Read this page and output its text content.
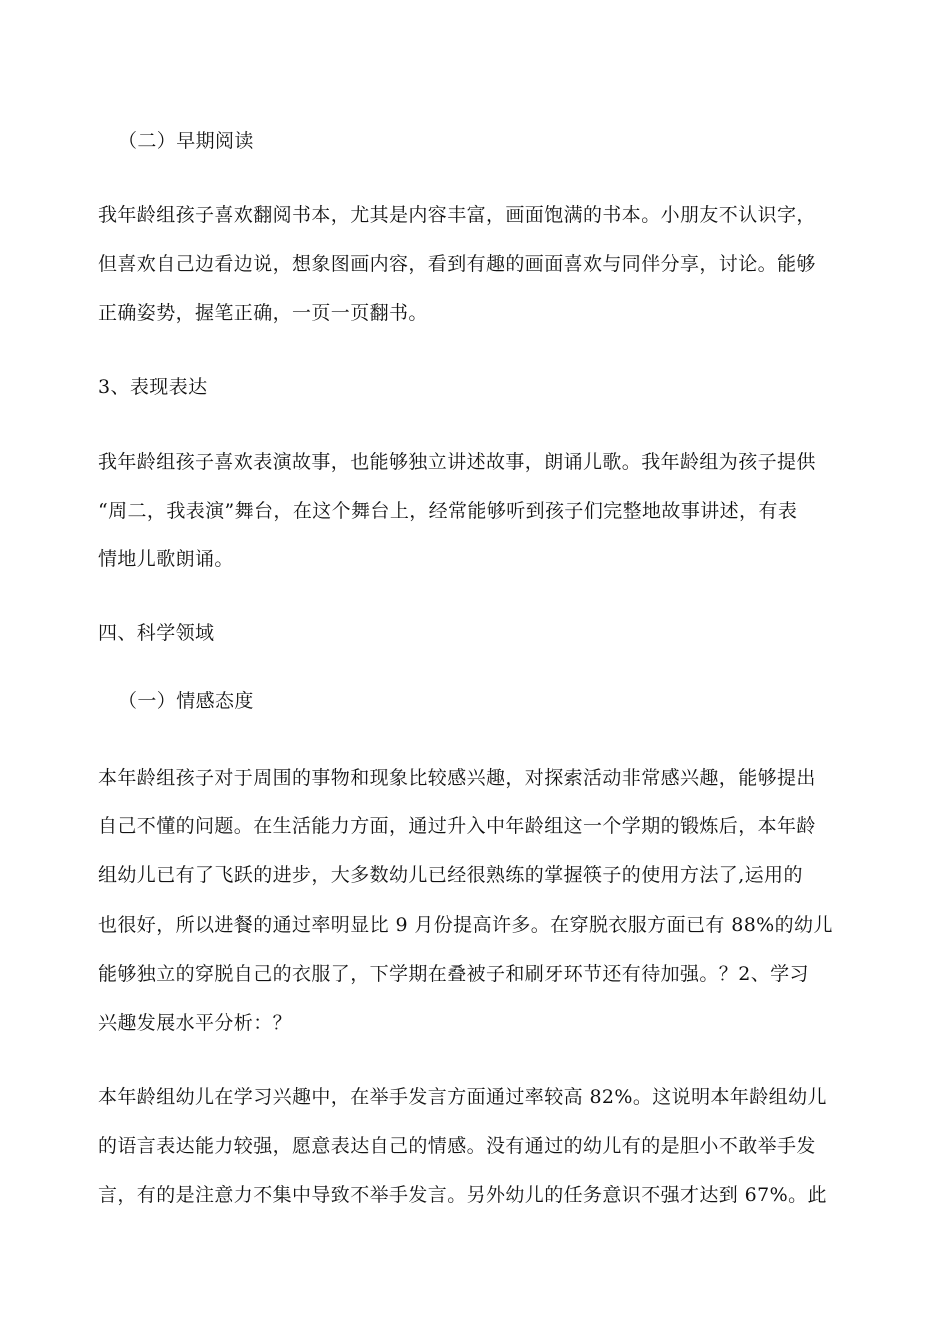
（二）早期阅读
我年龄组孩子喜欢翻阅书本，尤其是内容丰富，画面饱满的书本。小朋友不认识字，
但喜欢自己边看边说，想象图画内容，看到有趣的画面喜欢与同伴分享，讨论。能够
正确姿势，握笔正确，一页一页翻书。
3、表现表达
我年龄组孩子喜欢表演故事，也能够独立讲述故事，朗诵儿歌。我年龄组为孩子提供
“周二，我表演”舞台，在这个舞台上，经常能够听到孩子们完整地故事讲述，有表
情地儿歌朗诵。
四、科学领域
（一）情感态度
本年龄组孩子对于周围的事物和现象比较感兴趣，对探索活动非常感兴趣，能够提出
自己不懂的问题。在生活能力方面，通过升入中年龄组这一个学期的锻炼后，本年龄
组幼儿已有了飞跃的进步，大多数幼儿已经很熟练的掌握筷子的使用方法了,运用的
也很好，所以进餐的通过率明显比 9 月份提高许多。在穿脱衣服方面已有 88%的幼儿
能够独立的穿脱自己的衣服了，下学期在叠被子和刷牙环节还有待加强。？2、学习
兴趣发展水平分析：？
本年龄组幼儿在学习兴趣中，在举手发言方面通过率较高 82%。这说明本年龄组幼儿
的语言表达能力较强，愿意表达自己的情感。没有通过的幼儿有的是胆小不敢举手发
言，有的是注意力不集中导致不举手发言。另外幼儿的任务意识不强才达到 67%。此
